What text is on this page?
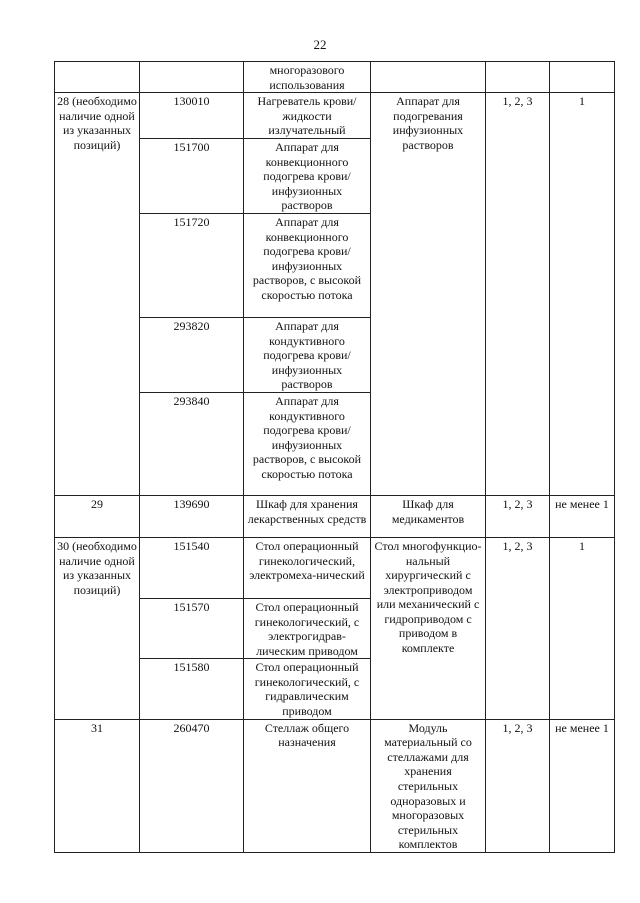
22
		многоразового использования			
28 (необходимо наличие одной из указанных позиций)	130010	Нагреватель крови/жидкости излучательный	Аппарат для подогревания инфузионных растворов	1, 2, 3	1
	151700	Аппарат для конвекционного подогрева крови/ инфузионных растворов			
	151720	Аппарат для конвекционного подогрева крови/ инфузионных растворов, с высокой скоростью потока			
	293820	Аппарат для кондуктивного подогрева крови/ инфузионных растворов			
	293840	Аппарат для кондуктивного подогрева крови/ инфузионных растворов, с высокой скоростью потока			
29	139690	Шкаф для хранения лекарственных средств	Шкаф для медикаментов	1, 2, 3	не менее 1
30 (необходимо наличие одной из указанных позиций)	151540	Стол операционный гинекологический, электромеха-нический	Стол многофункцио-нальный хирургический с электроприводом или механический с гидроприводом с приводом в комплекте	1, 2, 3	1
	151570	Стол операционный гинекологический, с электрогидрав-лическим приводом			
	151580	Стол операционный гинекологический, с гидравлическим приводом			
31	260470	Стеллаж общего назначения	Модуль материальный со стеллажами для хранения стерильных одноразовых и многоразовых стерильных комплектов	1, 2, 3	не менее 1
